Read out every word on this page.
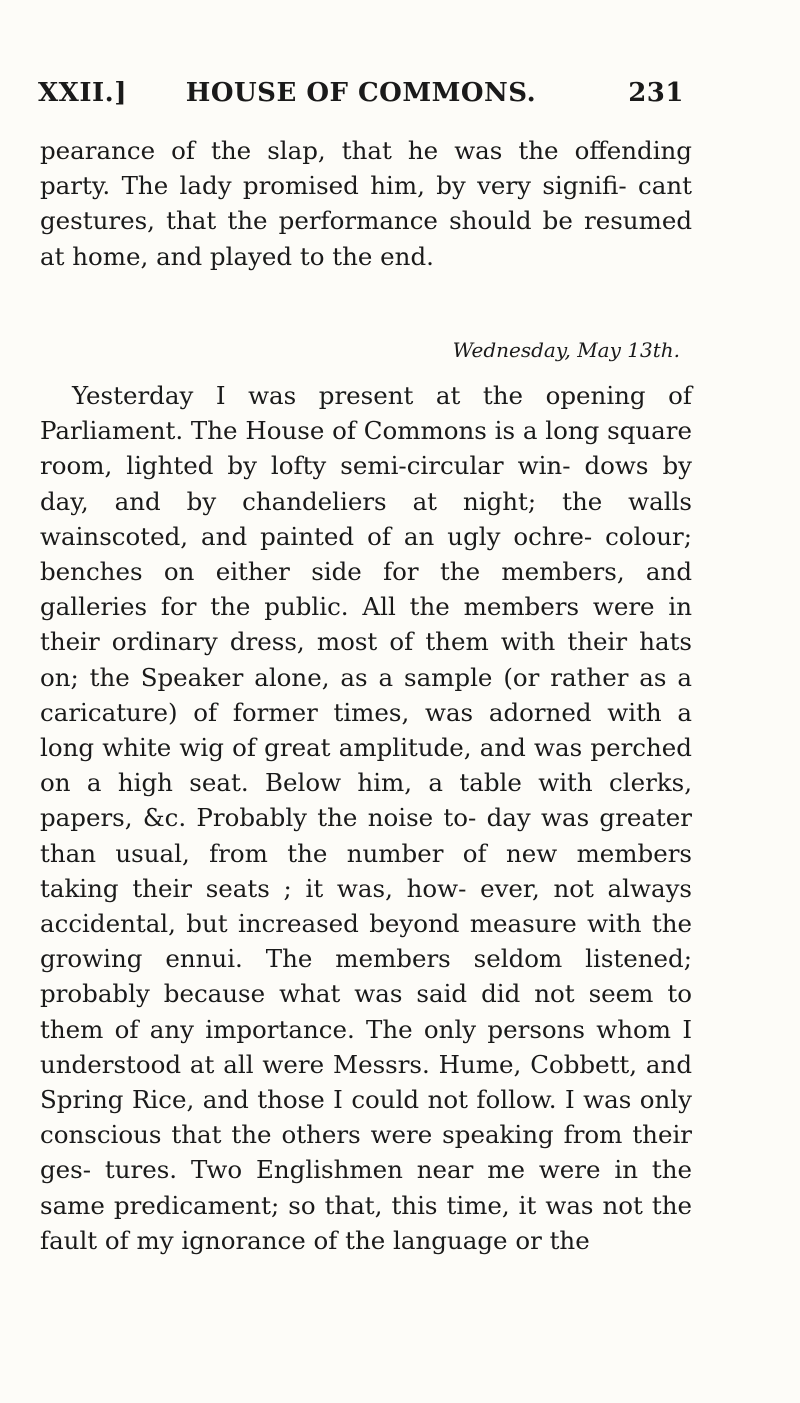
XXII.] HOUSE OF COMMONS.	231

pearance of the slap, that he was the offending party. The lady promised him, by very signifi- cant gestures, that the performance should be resumed at home, and played to the end.

Wednesday, May 13th.

Yesterday I was present at the opening of Parliament. The House of Commons is a long square room, lighted by lofty semi-circular win- dows by day, and by chandeliers at night; the walls wainscoted, and painted of an ugly ochre- colour; benches on either side for the members, and galleries for the public. All the members were in their ordinary dress, most of them with their hats on; the Speaker alone, as a sample (or rather as a caricature) of former times, was adorned with a long white wig of great amplitude, and was perched on a high seat. Below him, a table with clerks, papers, &c. Probably the noise to- day was greater than usual, from the number of new members taking their seats ; it was, how- ever, not always accidental, but increased beyond measure with the growing ennui. The members seldom listened; probably because what was said did not seem to them of any importance. The only persons whom I understood at all were Messrs. Hume, Cobbett, and Spring Rice, and those I could not follow. I was only conscious that the others were speaking from their ges- tures. Two Englishmen near me were in the same predicament; so that, this time, it was not the fault of my ignorance of the language or the
